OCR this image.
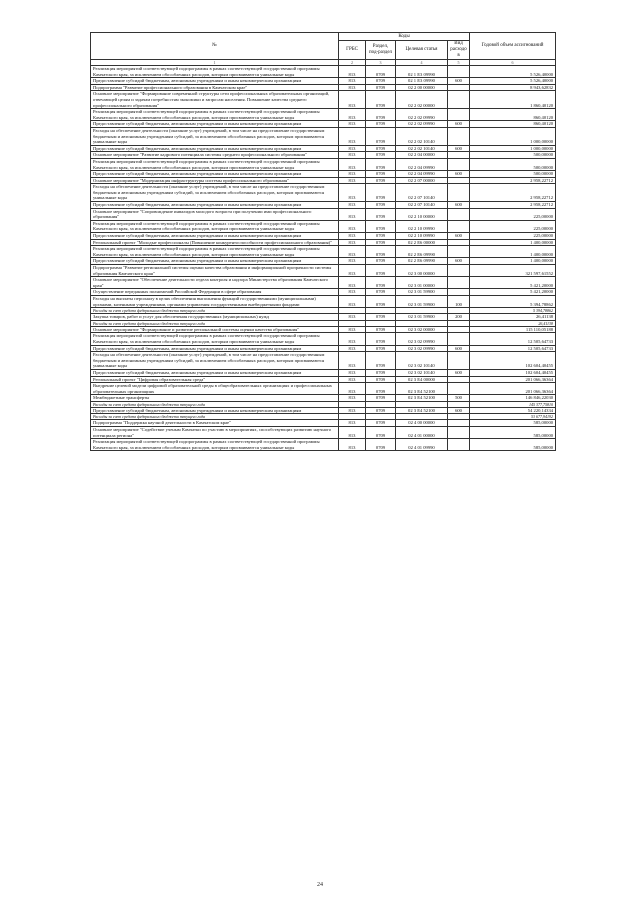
№	Коды				Годовой объем ассигнований
	ГРБС	Раздел, под-раздел	Целевая статья	Вид расходов	
1	2	3	4	5	6
Реализация мероприятий соответствующей подпрограммы в рамках соответствующей государственной программы Камчатского края, за исключением обособленных расходов, которым присваиваются уникальные коды	813	0709	02 1 Е3 09990		5 526,40000
Предоставление субсидий бюджетным, автономным учреждениям и иным некоммерческим организациям	813	0709	02 1 Е3 09990	600	5 526,40000
Подпрограмма "Развитие профессионального образования в Камчатском крае"	813	0709	02 2 00 00000		8 943,62832
Основное мероприятие "Формирование современной структуры сети профессиональных образовательных организаций, отвечающей целям и задачам потребностям экономики и запросам населения. Повышение качества среднего профессионального образования"	813	0709	02 2 02 00000		1 860,40120
Реализация мероприятий соответствующей подпрограммы в рамках соответствующей государственной программы Камчатского края, за исключением обособленных расходов, которым присваиваются уникальные коды	813	0709	02 2 02 09990		860,40120
Предоставление субсидий бюджетным, автономным учреждениям и иным некоммерческим организациям	813	0709	02 2 02 09990	600	860,40120
Расходы на обеспечение деятельности (оказание услуг) учреждений, в том числе на предоставление государственным бюджетным и автономным учреждениям субсидий, за исключением обособленных расходов, которым присваиваются уникальные коды	813	0709	02 2 02 10140		1 000,00000
Предоставление субсидий бюджетным, автономным учреждениям и иным некоммерческим организациям	813	0709	02 2 02 10140	600	1 000,00000
Основное мероприятие "Развитие кадрового потенциала системы среднего профессионального образования"	813	0709	02 2 04 00000		500,00000
Реализация мероприятий соответствующей подпрограммы в рамках соответствующей государственной программы Камчатского края, за исключением обособленных расходов, которым присваиваются уникальные коды	813	0709	02 2 04 09990		500,00000
Предоставление субсидий бюджетным, автономным учреждениям и иным некоммерческим организациям	813	0709	02 2 04 09990	600	500,00000
Основное мероприятие "Модернизация инфраструктуры системы профессионального образования"	813	0709	02 2 07 00000		2 958,22712
Расходы на обеспечение деятельности (оказание услуг) учреждений, в том числе на предоставление государственным бюджетным и автономным учреждениям субсидий, за исключением обособленных расходов, которым присваиваются уникальные коды	813	0709	02 2 07 10140		2 958,22712
Предоставление субсидий бюджетным, автономным учреждениям и иным некоммерческим организациям	813	0709	02 2 07 10140	600	2 958,22712
Основное мероприятие "Сопровождение инвалидов молодого возраста при получении ими профессионального образования"	813	0709	02 2 10 00000		225,00000
Реализация мероприятий соответствующей подпрограммы в рамках соответствующей государственной программы Камчатского края, за исключением обособленных расходов, которым присваиваются уникальные коды	813	0709	02 2 10 09990		225,00000
Предоставление субсидий бюджетным, автономным учреждениям и иным некоммерческим организациям	813	0709	02 2 10 09990	600	225,00000
Региональный проект "Молодые профессионалы (Повышение конкурентоспособности профессионального образования)"	813	0709	02 2 Е6 00000		1 400,00000
Реализация мероприятий соответствующей подпрограммы в рамках соответствующей государственной программы Камчатского края, за исключением обособленных расходов, которым присваиваются уникальные коды	813	0709	02 2 Е6 09990		1 400,00000
Предоставление субсидий бюджетным, автономным учреждениям и иным некоммерческим организациям	813	0709	02 2 Е6 09990	600	1 400,00000
Подпрограмма "Развитие региональной системы оценки качества образования и информационной прозрачности системы образования Камчатского края"	813	0709	02 3 00 00000		321 597,61552
Основное мероприятие "Обеспечение деятельности отдела контроля и надзора Министерства образования Камчатского края"	813	0709	02 3 01 00000		5 421,20000
Осуществление переданных полномочий Российской Федерации в сфере образования	813	0709	02 3 01 59900		5 421,20000
Расходы на выплаты персоналу в целях обеспечения выполнения функций государственными (муниципальными) органами, казенными учреждениями, органами управления государственными внебюджетными фондами	813	0709	02 3 01 59900	100	5 394,78862
Расходы за счет средств федерального бюджета текущего года					5 394,78862
Закупка товаров, работ и услуг для обеспечения государственных (муниципальных) нужд	813	0709	02 3 01 59900	200	26,41138
Расходы за счет средств федерального бюджета текущего года					26,41138
Основное мероприятие "Формирование и развитие региональной системы оценки качества образования"	813	0709	02 3 02 00000		115 110,05188
Реализация мероприятий соответствующей подпрограммы в рамках соответствующей государственной программы Камчатского края, за исключением обособленных расходов, которым присваиваются уникальные коды	813	0709	02 3 02 09990		12 505,64733
Предоставление субсидий бюджетным, автономным учреждениям и иным некоммерческим организациям	813	0709	02 3 02 09990	600	12 505,64733
Расходы на обеспечение деятельности (оказание услуг) учреждений, в том числе на предоставление государственным бюджетным и автономным учреждениям субсидий, за исключением обособленных расходов, которым присваиваются уникальные коды	813	0709	02 3 02 10140		102 604,40455
Предоставление субсидий бюджетным, автономным учреждениям и иным некоммерческим организациям	813	0709	02 3 02 10140	600	102 604,40455
Региональный проект "Цифровая образовательная среда"	813	0709	02 3 Е4 00000		201 066,36364
Внедрение целевой модели цифровой образовательной среды в общеобразовательных организациях и профессиональных образовательных организациях	813	0709	02 3 Е4 52100		201 066,36364
Межбюджетные трансферты	813	0709	02 3 Е4 52100	500	146 846,22030
Расходы за счет средств федерального бюджета текущего года					145 377,75810
Предоставление субсидий бюджетным, автономным учреждениям и иным некоммерческим организациям	813	0709	02 3 Е4 52100	600	54 220,14334
Расходы за счет средств федерального бюджета текущего года					53 677,94192
Подпрограмма "Поддержка научной деятельности в Камчатском крае"	813	0709	02 4 00 00000		585,00000
Основное мероприятие "Содействие ученым Камчатки по участию в мероприятиях, способствующих развитию научного потенциала региона"	813	0709	02 4 01 00000		585,00000
Реализация мероприятий соответствующей подпрограммы в рамках соответствующей государственной программы Камчатского края, за исключением обособленных расходов, которым присваиваются уникальные коды	813	0709	02 4 01 09990		585,00000
24
